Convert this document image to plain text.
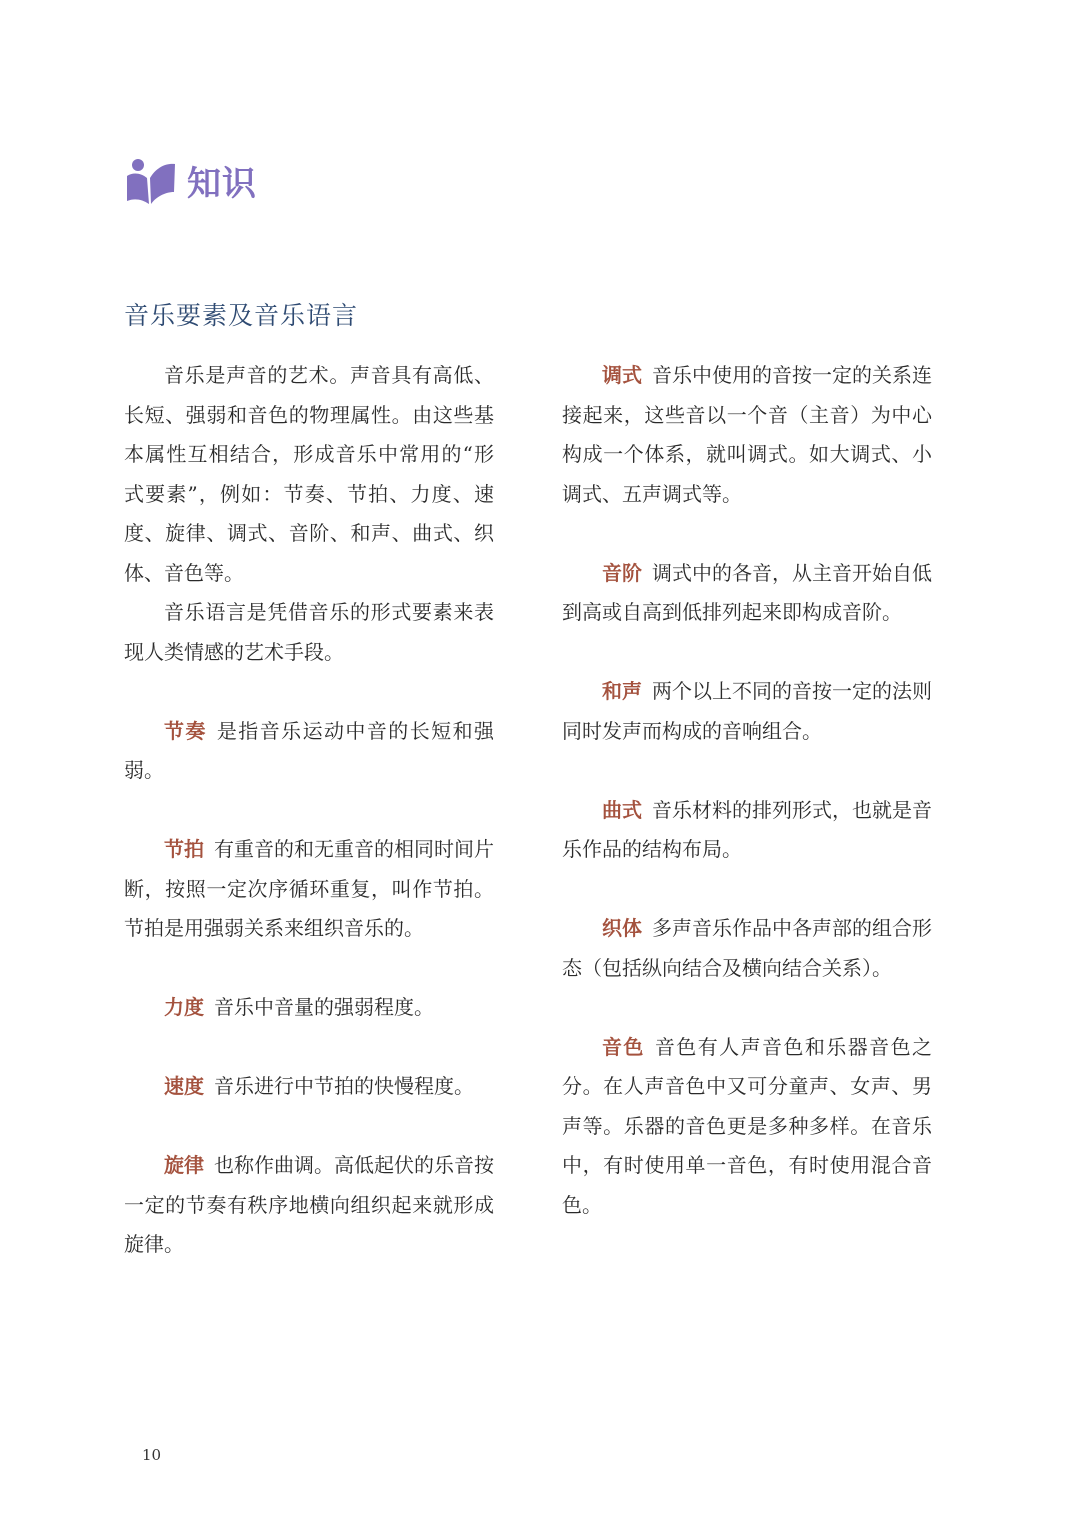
知识
音乐要素及音乐语言

音乐是声音的艺术。声音具有高低、长短、强弱和音色的物理属性。由这些基本属性互相结合，形成音乐中常用的“形式要素”，例如：节奏、节拍、力度、速度、旋律、调式、音阶、和声、曲式、织体、音色等。

音乐语言是凭借音乐的形式要素来表现人类情感的艺术手段。

节奏 是指音乐运动中音的长短和强弱。

节拍 有重音的和无重音的相同时间片断，按照一定次序循环重复，叫作节拍。节拍是用强弱关系来组织音乐的。

力度 音乐中音量的强弱程度。

速度 音乐进行中节拍的快慢程度。

旋律 也称作曲调。高低起伏的乐音按一定的节奏有秩序地横向组织起来就形成旋律。

调式 音乐中使用的音按一定的关系连接起来，这些音以一个音（主音）为中心构成一个体系，就叫调式。如大调式、小调式、五声调式等。

音阶 调式中的各音，从主音开始自低到高或自高到低排列起来即构成音阶。

和声 两个以上不同的音按一定的法则同时发声而构成的音响组合。

曲式 音乐材料的排列形式，也就是音乐作品的结构布局。

织体 多声音乐作品中各声部的组合形态（包括纵向结合及横向结合关系）。

音色 音色有人声音色和乐器音色之分。在人声音色中又可分童声、女声、男声等。乐器的音色更是多种多样。在音乐中，有时使用单一音色，有时使用混合音色。

10
